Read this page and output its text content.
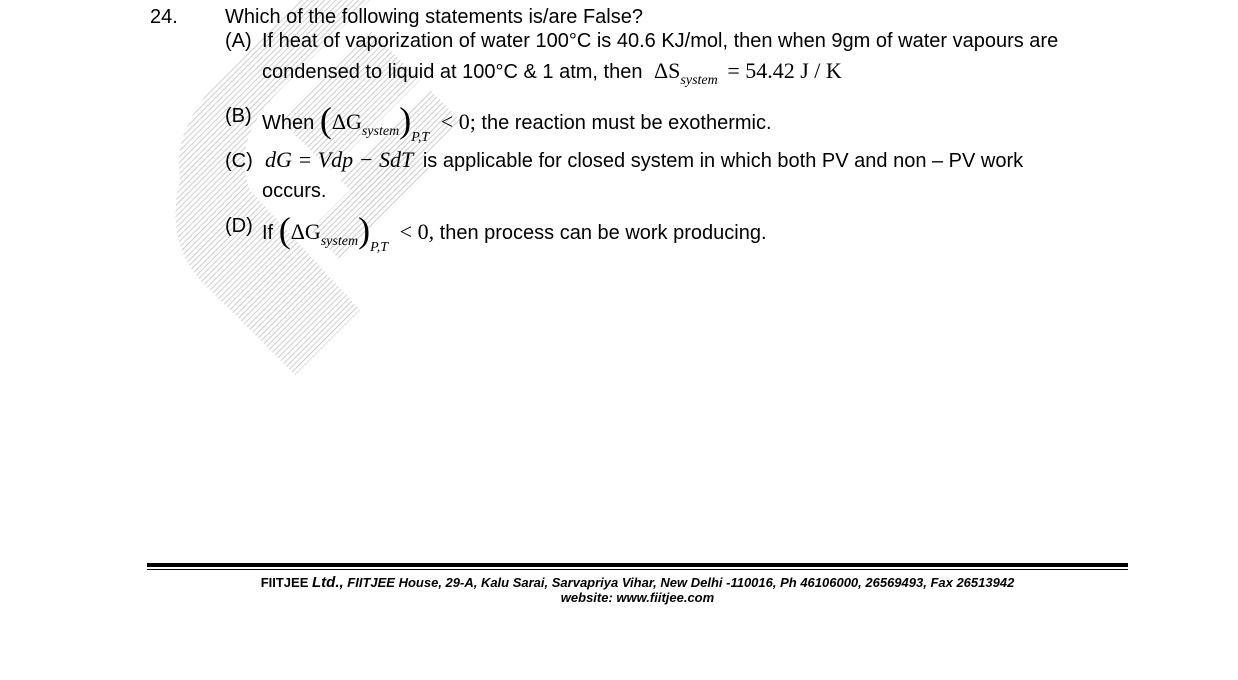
24. Which of the following statements is/are False?
(A) If heat of vaporization of water 100°C is 40.6 KJ/mol, then when 9gm of water vapours are
condensed to liquid at 100°C & 1 atm, then $\Delta S_{system} = 54.42$ J / K
(B) When $(\Delta G_{system})_{P,T} < 0$; the reaction must be exothermic.
(C) dG = Vdp − SdT is applicable for closed system in which both PV and non – PV work
occurs.
(D) If $(\Delta G_{system})_{P,T} < 0$, then process can be work producing.
FIITJEE Ltd., FIITJEE House, 29-A, Kalu Sarai, Sarvapriya Vihar, New Delhi -110016, Ph 46106000, 26569493, Fax 26513942
website: www.fiitjee.com
